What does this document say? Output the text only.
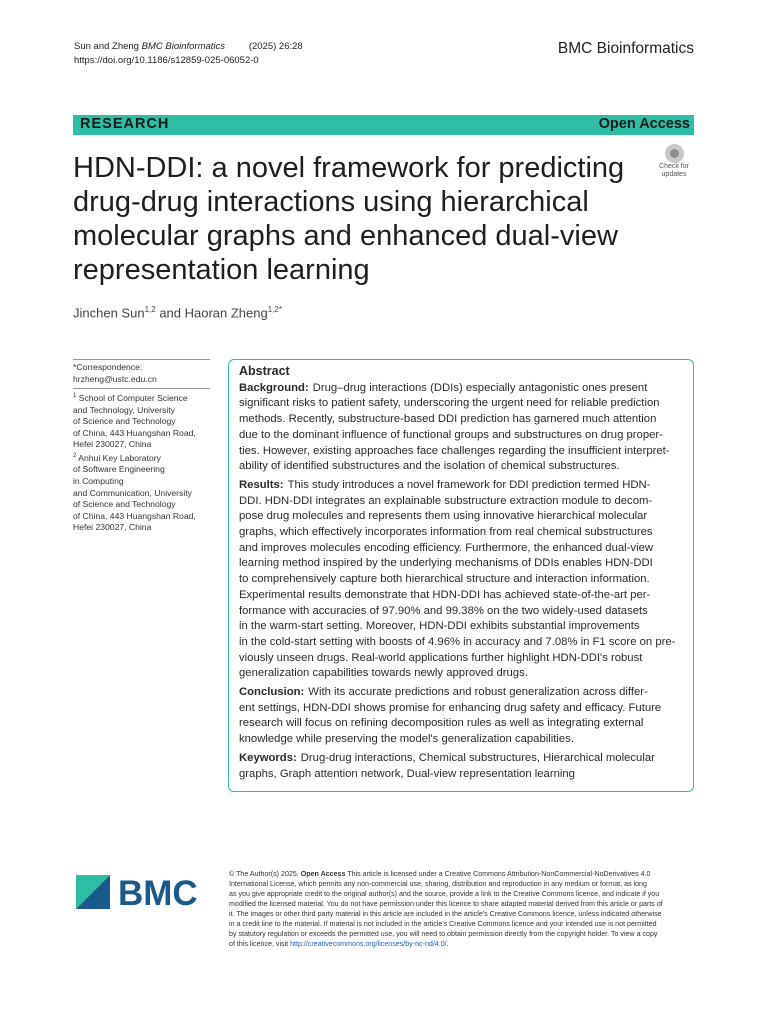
Sun and Zheng BMC Bioinformatics	(2025) 26:28
https://doi.org/10.1186/s12859-025-06052-0
BMC Bioinformatics
RESEARCH	Open Access
HDN-DDI: a novel framework for predicting drug-drug interactions using hierarchical molecular graphs and enhanced dual-view representation learning
Check for
updates
Jinchen Sun$^{1,2}$ and Haoran Zheng$^{1,2*}$
*Correspondence:
hrzheng@ustc.edu.cn
$^1$ School of Computer Science
and Technology, University
of Science and Technology
of China, 443 Huangshan Road,
Hefei 230027, China
$^2$ Anhui Key Laboratory
of Software Engineering
in Computing
and Communication, University
of Science and Technology
of China, 443 Huangshan Road,
Hefei 230027, China
Abstract
Background: Drug–drug interactions (DDIs) especially antagonistic ones present
significant risks to patient safety, underscoring the urgent need for reliable prediction
methods. Recently, substructure-based DDI prediction has garnered much attention
due to the dominant influence of functional groups and substructures on drug proper-
ties. However, existing approaches face challenges regarding the insufficient interpret-
ability of identified substructures and the isolation of chemical substructures.
Results: This study introduces a novel framework for DDI prediction termed HDN-
DDI. HDN-DDI integrates an explainable substructure extraction module to decom-
pose drug molecules and represents them using innovative hierarchical molecular
graphs, which effectively incorporates information from real chemical substructures
and improves molecules encoding efficiency. Furthermore, the enhanced dual-view
learning method inspired by the underlying mechanisms of DDIs enables HDN-DDI
to comprehensively capture both hierarchical structure and interaction information.
Experimental results demonstrate that HDN-DDI has achieved state-of-the-art per-
formance with accuracies of 97.90% and 99.38% on the two widely-used datasets
in the warm-start setting. Moreover, HDN-DDI exhibits substantial improvements
in the cold-start setting with boosts of 4.96% in accuracy and 7.08% in F1 score on pre-
viously unseen drugs. Real-world applications further highlight HDN-DDI's robust
generalization capabilities towards newly approved drugs.
Conclusion: With its accurate predictions and robust generalization across differ-
ent settings, HDN-DDI shows promise for enhancing drug safety and efficacy. Future
research will focus on refining decomposition rules as well as integrating external
knowledge while preserving the model's generalization capabilities.
Keywords: Drug-drug interactions, Chemical substructures, Hierarchical molecular
graphs, Graph attention network, Dual-view representation learning
BMC	© The Author(s) 2025. Open Access This article is licensed under a Creative Commons Attribution-NonCommercial-NoDerivatives 4.0
International License, which permits any non-commercial use, sharing, distribution and reproduction in any medium or format, as long
as you give appropriate credit to the original author(s) and the source, provide a link to the Creative Commons licence, and indicate if you
modified the licensed material. You do not have permission under this licence to share adapted material derived from this article or parts of
it. The images or other third party material in this article are included in the article's Creative Commons licence, unless indicated otherwise
in a credit line to the material. If material is not included in the article's Creative Commons licence and your intended use is not permitted
by statutory regulation or exceeds the permitted use, you will need to obtain permission directly from the copyright holder. To view a copy
of this licence, visit http://creativecommons.org/licenses/by-nc-nd/4.0/.
